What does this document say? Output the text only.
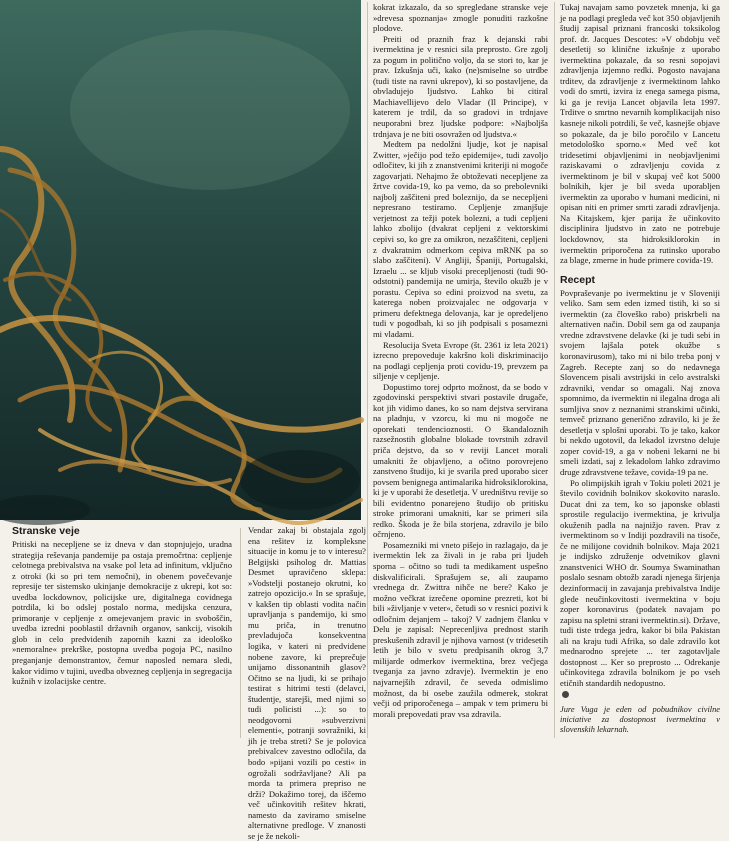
Stranske veje

Pritiski na necepljene se iz dneva v dan stopnjujejo, uradna strategija reševanja pandemije pa ostaja premočrtna: cepljenje celotnega prebivalstva na vsake pol leta ad infinitum, vključno z otroki (ki so pri tem nemočni), in obenem povečevanje represije ter sistemsko ukinjanje demokracije z ukrepi, kot so: uvedba lockdownov, policijske ure, digitalnega covidnega potrdila, ki bo odslej postalo norma, medijska cenzura, primoranje v cepljenje z omejevanjem pravic in svoboščin, uvedba izredni pooblastil državnih organov, sankcij, visokih glob in celo predvidenih zapornih kazni za ideološko »nemoralne« prekrške, postopna uvedba pogoja PC, nasilno preganjanje demonstrantov, čemur naposled nemara sledi, kakor vidimo v tujini, uvedba obvezneg cepljenja in segregacija kužnih v izolacijske centre.

Vendar zakaj bi obstajala zgolj ena rešitev iz kompleksne situacije in komu je to v interesu? Belgijski psiholog dr. Mattias Desmet upravičeno sklepa: »Vodstelji postanejo okrutni, ko zatrejo opozicijo.« In se sprašuje, v kakšen tip oblasti vodita način upravljanja s pandemijo, ki smo mu priča, in trenutno prevladujoča konsekventna logika, v kateri ni predvidene nobene zavore, ki preprečuje unijamo dissonantnih glasov? Očitno se na ljudi, ki se prihajo testirat s hitrimi testi (delavci, študentje, starejši, med njimi so tudi policisti ...): so to neodgovorni »subverzivni elementi«, potranji sovražniki, ki jih je treba streti? Se je polovica prebivalcev zavestno odločila, da bodo »pijani vozili po cesti« in ogrožali sodržavljane? Ali pa morda ta primera prepriso ne drži? Dokažimo torej, da iščemo več učinkovitih rešitev hkrati, namesto da zaviramo smiselne alternativne predloge. V znanosti se je že nekoli-

kokrat izkazalo, da so spregledane stranske veje »drevesa spoznanja« zmogle ponuditi razkošne plodove.

Preiti od praznih fraz k dejanski rabi ivermektina je v resnici sila preprosto. Gre zgolj za pogum in politično voljo, da se stori to, kar je prav. Izkušnja uči, kako (ne)smiselne so utrdbe (tudi tiste na ravni ukrepov), ki so postavljene, da obvladujejo ljudstvo. Lahko bi citiral Machiavellijevo delo Vladar (Il Principe), v katerem je trdil, da so gradovi in trdnjave neuporabni brez ljudske podpore: »Najboljša trdnjava je ne biti osovražen od ljudstva.«

Medtem pa nedolžni ljudje, kot je napisal Zwitter, »ječijo pod težo epidemije«, tudi zavoljo odločitev, ki jih z znanstvenimi kriteriji ni mogoče zagovarjati. Nehajmo že obtoževati necepljene za žrtve covida-19, ko pa vemo, da so prebolevniki najbolj zaščiteni pred boleznijo, da se necepljeni nepresrano testiramo. Cepljenje zmanjšuje verjetnost za težji potek bolezni, a tudi cepljeni lahko zbolijo (dvakrat cepljeni z vektorskimi cepivi so, ko gre za omikron, nezaščiteni, cepljeni z dvakratnim odmerkom cepiva mRNK pa so slabo zaščiteni). V Angliji, Španiji, Portugalski, Izraelu ... se kljub visoki precepljenosti (tudi 90-odstotni) pandemija ne umirja, število okužb je v porastu. Cepiva so edini proizvod na svetu, za katerega noben proizvajalec ne odgovarja v primeru defektnega delovanja, kar je opredeljeno tudi v pogodbah, ki so jih podpisali s posamezni mi vladami.

Resolucija Sveta Evrope (št. 2361 iz leta 2021) izrecno prepoveduje kakršno koli diskriminacijo na podlagi cepljenja proti covidu-19, prevzem pa siljenje v cepljenje.

Dopustimo torej odprto možnost, da se bodo v zgodovinski perspektivi stvari postavile drugače, kot jih vidimo danes, ko so nam dejstva servirana na pladnju, v vzorcu, ki mu ni mogoče ne oporekati tendencioznosti. O škandaloznih razsežnostih globalne blokade tovrstnih zdravil priča dejstvo, da so v reviji Lancet morali umakniti že objavljeno, a očitno porovrejeno zanstveno študijo, ki je svarila pred uporabo sicer povsem benignega antimalarika hidroksiklorokina, ki je v uporabi že desetletja. V uredništvu revije so bili evidentno ponarejeno študijo ob pritisku stroke primorani umakniti, kar se primeri sila redko. Škoda je že bila storjena, zdravilo je bilo očrnjeno.

Posamezniki mi vneto pišejo in razlagajo, da je ivermektin lek za živali in je raba pri ljudeh sporna – očitno so tudi ta medikament uspešno diskvalificirali. Sprašujem se, ali zaupamo vrednega dr. Zwittra nihče ne bere? Kako je možno večkrat izrečene opomine prezreti, kot bi bili »življanje v veter«, četudi so v resnici pozivi k odločnim dejanjem – takoj? V zadnjem članku v Delu je zapisal: Neprecenljiva prednost starih preskušenih zdravil je njihova varnost (v tridesetih letih je bilo v svetu predpisanih okrog 3,7 milijarde odmerkov ivermektina, brez večjega tveganja za javno zdravje). Ivermektin je eno najvarnejših zdravil, če seveda odmislimo možnost, da bi osebe zaužila odmerek, stokrat večji od priporočenega – ampak v tem primeru bi morali prepovedati prav vsa zdravila.

Tukaj navajam samo povzetek mnenja, ki ga je na podlagi pregleda več kot 350 objavljenih študij zapisal priznani francoski toksikolog prof. dr. Jacques Descotes: »V obdobju več desetletij so klinične izkušnje z uporabo ivermektina pokazale, da so resni sopojavi zdravljenja izjemno redki. Pogosto navajana trditev, da zdravljenje z ivermektinom lahko vodi do smrti, izvira iz enega samega pisma, ki ga je revija Lancet objavila leta 1997. Trditve o smrtno nevarnih komplikacijah niso kasneje nikoli potrdili, še več, kasnejše objave so pokazale, da je bilo poročilo v Lancetu metodološko sporno.« Med več kot tridesetimi objavljenimi in neobjavljenimi raziskavami o zdravljenju covida z ivermektinom je bil v skupaj več kot 5000 bolnikih, kjer je bil sveda uporabljen ivermektin za uporabo v humani medicini, ni opisan niti en primer smrti zaradi zdravljenja. Na Kitajskem, kjer parija že učinkovito disciplinira ljudstvo in zato ne potrebuje lockdownov, sta hidroksiklorokin in ivermektin priporočena za rutinsko uporabo za blage, zmerne in hude primere covida-19.

Recept

Povpraševanje po ivermektinu je v Sloveniji veliko. Sam sem eden izmed tistih, ki so si ivermektin (za človeško rabo) priskrbeli na alternativen način. Dobil sem ga od zaupanja vredne zdravstvene delavke (ki je tudi sebi in svojem lajšala potek okužbe s koronavirusom), tako mi ni bilo treba ponj v Zagreb. Recepte zanj so do nedavnega Slovencem pisali avstrijski in celo avstralski zdravniki, vendar so omagali. Naj znova spomnimo, da ivermektin ni ilegalna droga ali sumljiva snov z neznanimi stranskimi učinki, temveč priznano generično zdravilo, ki je že desetletja v splošni uporabi. To je tako, kakor bi nekdo ugotovil, da lekadol izvrstno deluje zoper covid-19, a ga v nobeni lekarni ne bi smeli izdati, saj z lekadolom lahko zdravimo druge zdravstvene težave, covida-19 pa ne.

Po olimpijskih igrah v Tokiu poleti 2021 je število covidnih bolnikov skokovito naraslo. Ducat dni za tem, ko so japonske oblasti sprostile regulacijo ivermektina, je krivulja okuženih padla na najnižjo raven. Prav z ivermektinom so v Indiji pozdravili na tisoče, če ne milijone covidnih bolnikov. Maja 2021 je indijsko združenje odvetnikov glavni znanstvenici WHO dr. Soumya Swaminathan poslalo sesnam obtožb zaradi njenega širjenja dezinformacij in zavajanja prebivalstva Indije glede neučinkovitosti ivermektina v boju zoper koronavirus (podatek navajam po zapisu na spletni strani ivermektin.si). Države, tudi tiste trdega jedra, kakor bi bila Pakistan ali na kraju tudi Afrika, so dale zdravilo kot mednarodno sprejete ... ter zagotavljale dostopnost ... Ker so preprosto ... Odrekanje učinkovitega zdravila bolnikom je po vseh etičnih standardih nedopustno.

Jure Vuga je eden od pobudnikov civilne iniciative za dostopnost ivermektina v slovenskih lekarnah.
